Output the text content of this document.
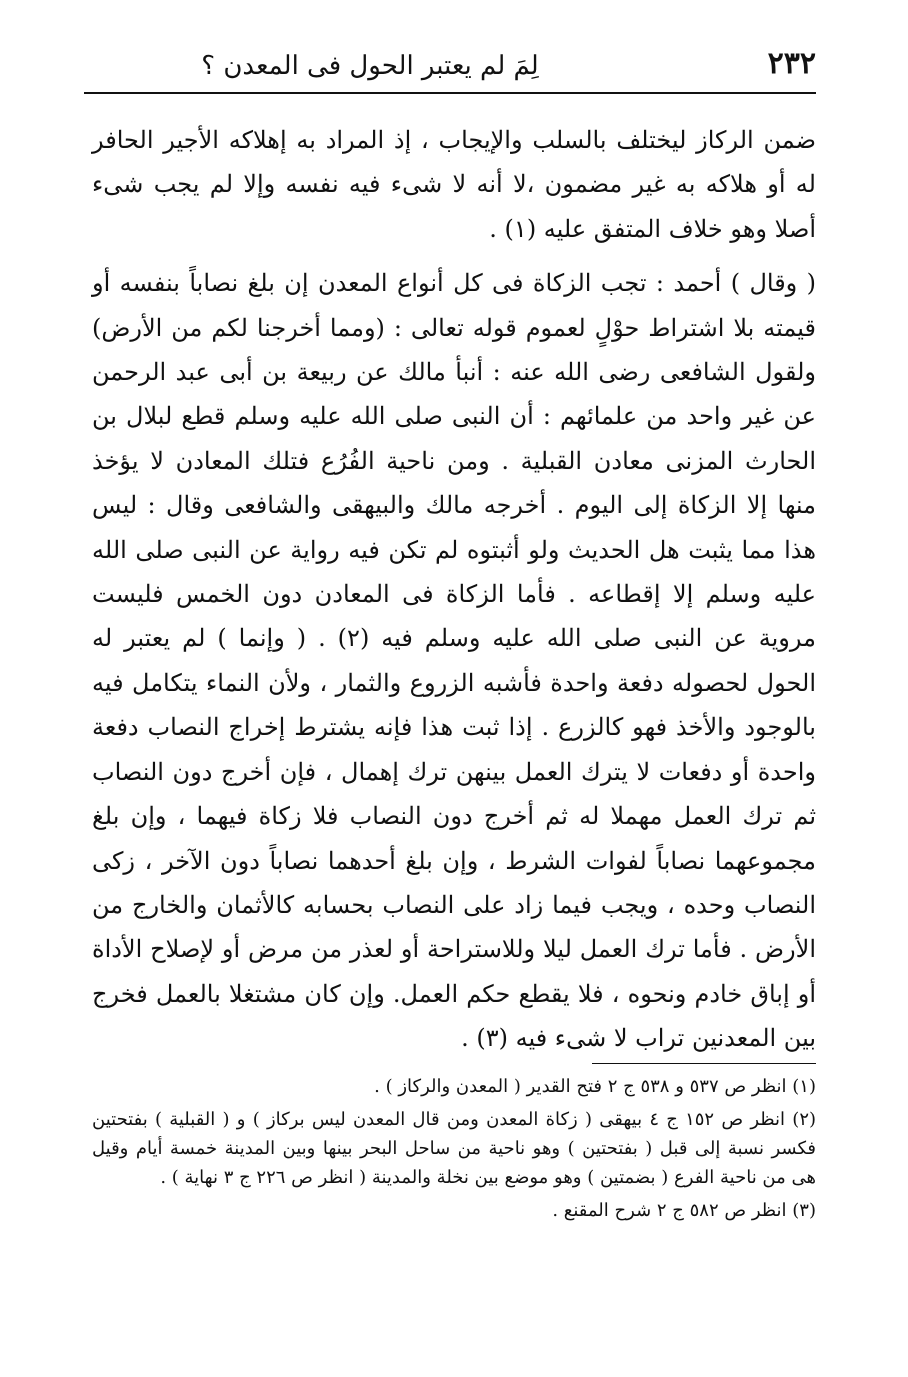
٢٣٢
لِمَ لم يعتبر الحول فى المعدن ؟

ضمن الركاز ليختلف بالسلب والإيجاب ، إذ المراد به إهلاكه الأجير الحافر له أو هلاكه به غير مضمون ،لا أنه لا شىء فيه نفسه وإلا لم يجب شىء أصلا وهو خلاف المتفق عليه (١) .

( وقال ) أحمد : تجب الزكاة فى كل أنواع المعدن إن بلغ نصاباً بنفسه أو قيمته بلا اشتراط حوْلٍ لعموم قوله تعالى : (ومما أخرجنا لكم من الأرض) ولقول الشافعى رضى الله عنه : أنبأ مالك عن ربيعة بن أبى عبد الرحمن عن غير واحد من علمائهم : أن النبى صلى الله عليه وسلم قطع لبلال بن الحارث المزنى معادن القبلية . ومن ناحية الفُرُع فتلك المعادن لا يؤخذ منها إلا الزكاة إلى اليوم . أخرجه مالك والبيهقى والشافعى وقال : ليس هذا مما يثبت هل الحديث ولو أثبتوه لم تكن فيه رواية عن النبى صلى الله عليه وسلم إلا إقطاعه . فأما الزكاة فى المعادن دون الخمس فليست مروية عن النبى صلى الله عليه وسلم فيه (٢) . ( وإنما ) لم يعتبر له الحول لحصوله دفعة واحدة فأشبه الزروع والثمار ، ولأن النماء يتكامل فيه بالوجود والأخذ فهو كالزرع . إذا ثبت هذا فإنه يشترط إخراج النصاب دفعة واحدة أو دفعات لا يترك العمل بينهن ترك إهمال ، فإن أخرج دون النصاب ثم ترك العمل مهملا له ثم أخرج دون النصاب فلا زكاة فيهما ، وإن بلغ مجموعهما نصاباً لفوات الشرط ، وإن بلغ أحدهما نصاباً دون الآخر ، زكى النصاب وحده ، ويجب فيما زاد على النصاب بحسابه كالأثمان والخارج من الأرض . فأما ترك العمل ليلا وللاستراحة أو لعذر من مرض أو لإصلاح الأداة أو إباق خادم ونحوه ، فلا يقطع حكم العمل. وإن كان مشتغلا بالعمل فخرج بين المعدنين تراب لا شىء فيه (٣) .

(١) انظر ص ٥٣٧ و ٥٣٨ ج ٢ فتح القدير ( المعدن والركاز ) .

(٢) انظر ص ١٥٢ ج ٤ بيهقى ( زكاة المعدن ومن قال المعدن ليس بركاز ) و ( القبلية ) بفتحتين فكسر نسبة إلى قبل ( بفتحتين ) وهو ناحية من ساحل البحر بينها وبين المدينة خمسة أيام وقيل هى من ناحية الفرع ( بضمتين ) وهو موضع بين نخلة والمدينة ( انظر ص ٢٢٦ ج ٣ نهاية ) .

(٣) انظر ص ٥٨٢ ج ٢ شرح المقنع .
